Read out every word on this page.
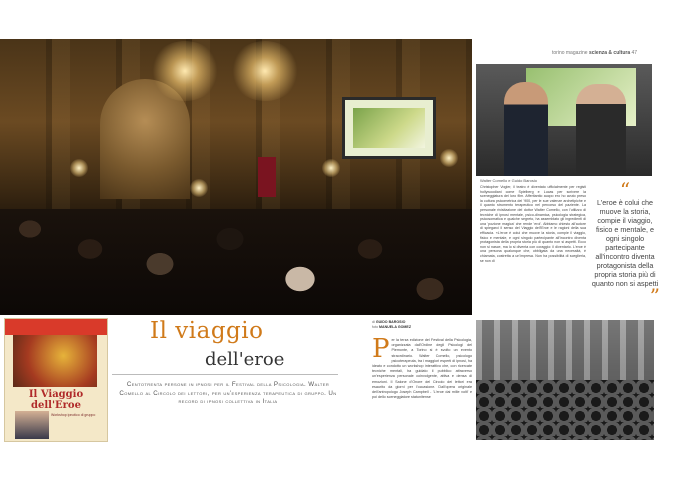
torino magazine scienza & cultura 47
Walter Comello e Guido Barosio
Christopher Vogler, il teatro è diventato ufficialmente per registi hollywoodiani come Spielberg e Lucas per scrivere la sceneggiatura dei loro film. Afferitantio aucpo ero ho avuto preso la cultura psicometrica del '900, per le sue valenze archetipiche e il quanto strumento terapeutico nel percorso del paziente. La personale rivisitazione del dottor Walter Comello, con l'utilizzo di tecniche di ipnosi mentale, psico-dinamica, psicologia strategica, psicosomatica e qualche segreto, ha assemblato gli ingredienti di una 'pozione magica' che rende 'eroi'. Abbiamo chiesto all'autore di spiegarci il senso del Viaggio dell'Eroe e le ragioni della sua efficacia. «L'eroe è colui che muove la storia, compie il viaggio, fisico e mentale, e ogni singolo partecipante all'incontro diventa protagonista della propria storia più di quanto non si aspetti. Ecco non si nasce, ma lo si diventa con coraggio: il diventarlo. L'eroe è una persona qualunque che, obbligata da una necessità, è chiamata, costretta a un'impresa. Non ha possibilità di sceglierla, se non di
“
L'eroe è colui che muove la storia, compie il viaggio, fisico e mentale, e ogni singolo partecipante all'incontro diventa protagonista della propria storia più di quanto non si aspetti
”
Il Viaggio dell'Eroe
Workshop ipnotico di gruppo
Il viaggio
dell'eroe
Centotrenta persone in ipnosi per il Festival della Psicologia. Walter Comello al Circolo dei lettori, per un'esperienza terapeutica di gruppo. Un record di ipnosi collettiva in Italia
di GUIDO BAROSIO
foto MANUELA GOMEZ
Per la terza edizione del Festival della Psicologia, organizzata dall'Ordine degli Psicologi del Piemonte, a Torino si è svolto un evento straordinario. Walter Comello, psicologo psicoterapeuta, tra i maggiori esperti di ipnosi, ha ideato e condotto un workshop interattivo che, con ricercate tecniche mentali, ha guidato il pubblico attraverso un'esperienza personale coinvolgente, attiva e densa di emozioni. Il Salone d'Onore del Circolo dei lettori era esaurito da giorni per l'occasione. Dall'opera originale dell'antropologo Joseph Campbell - 'L'eroe dai mille volti' e poi dello sceneggiatore statunitense
